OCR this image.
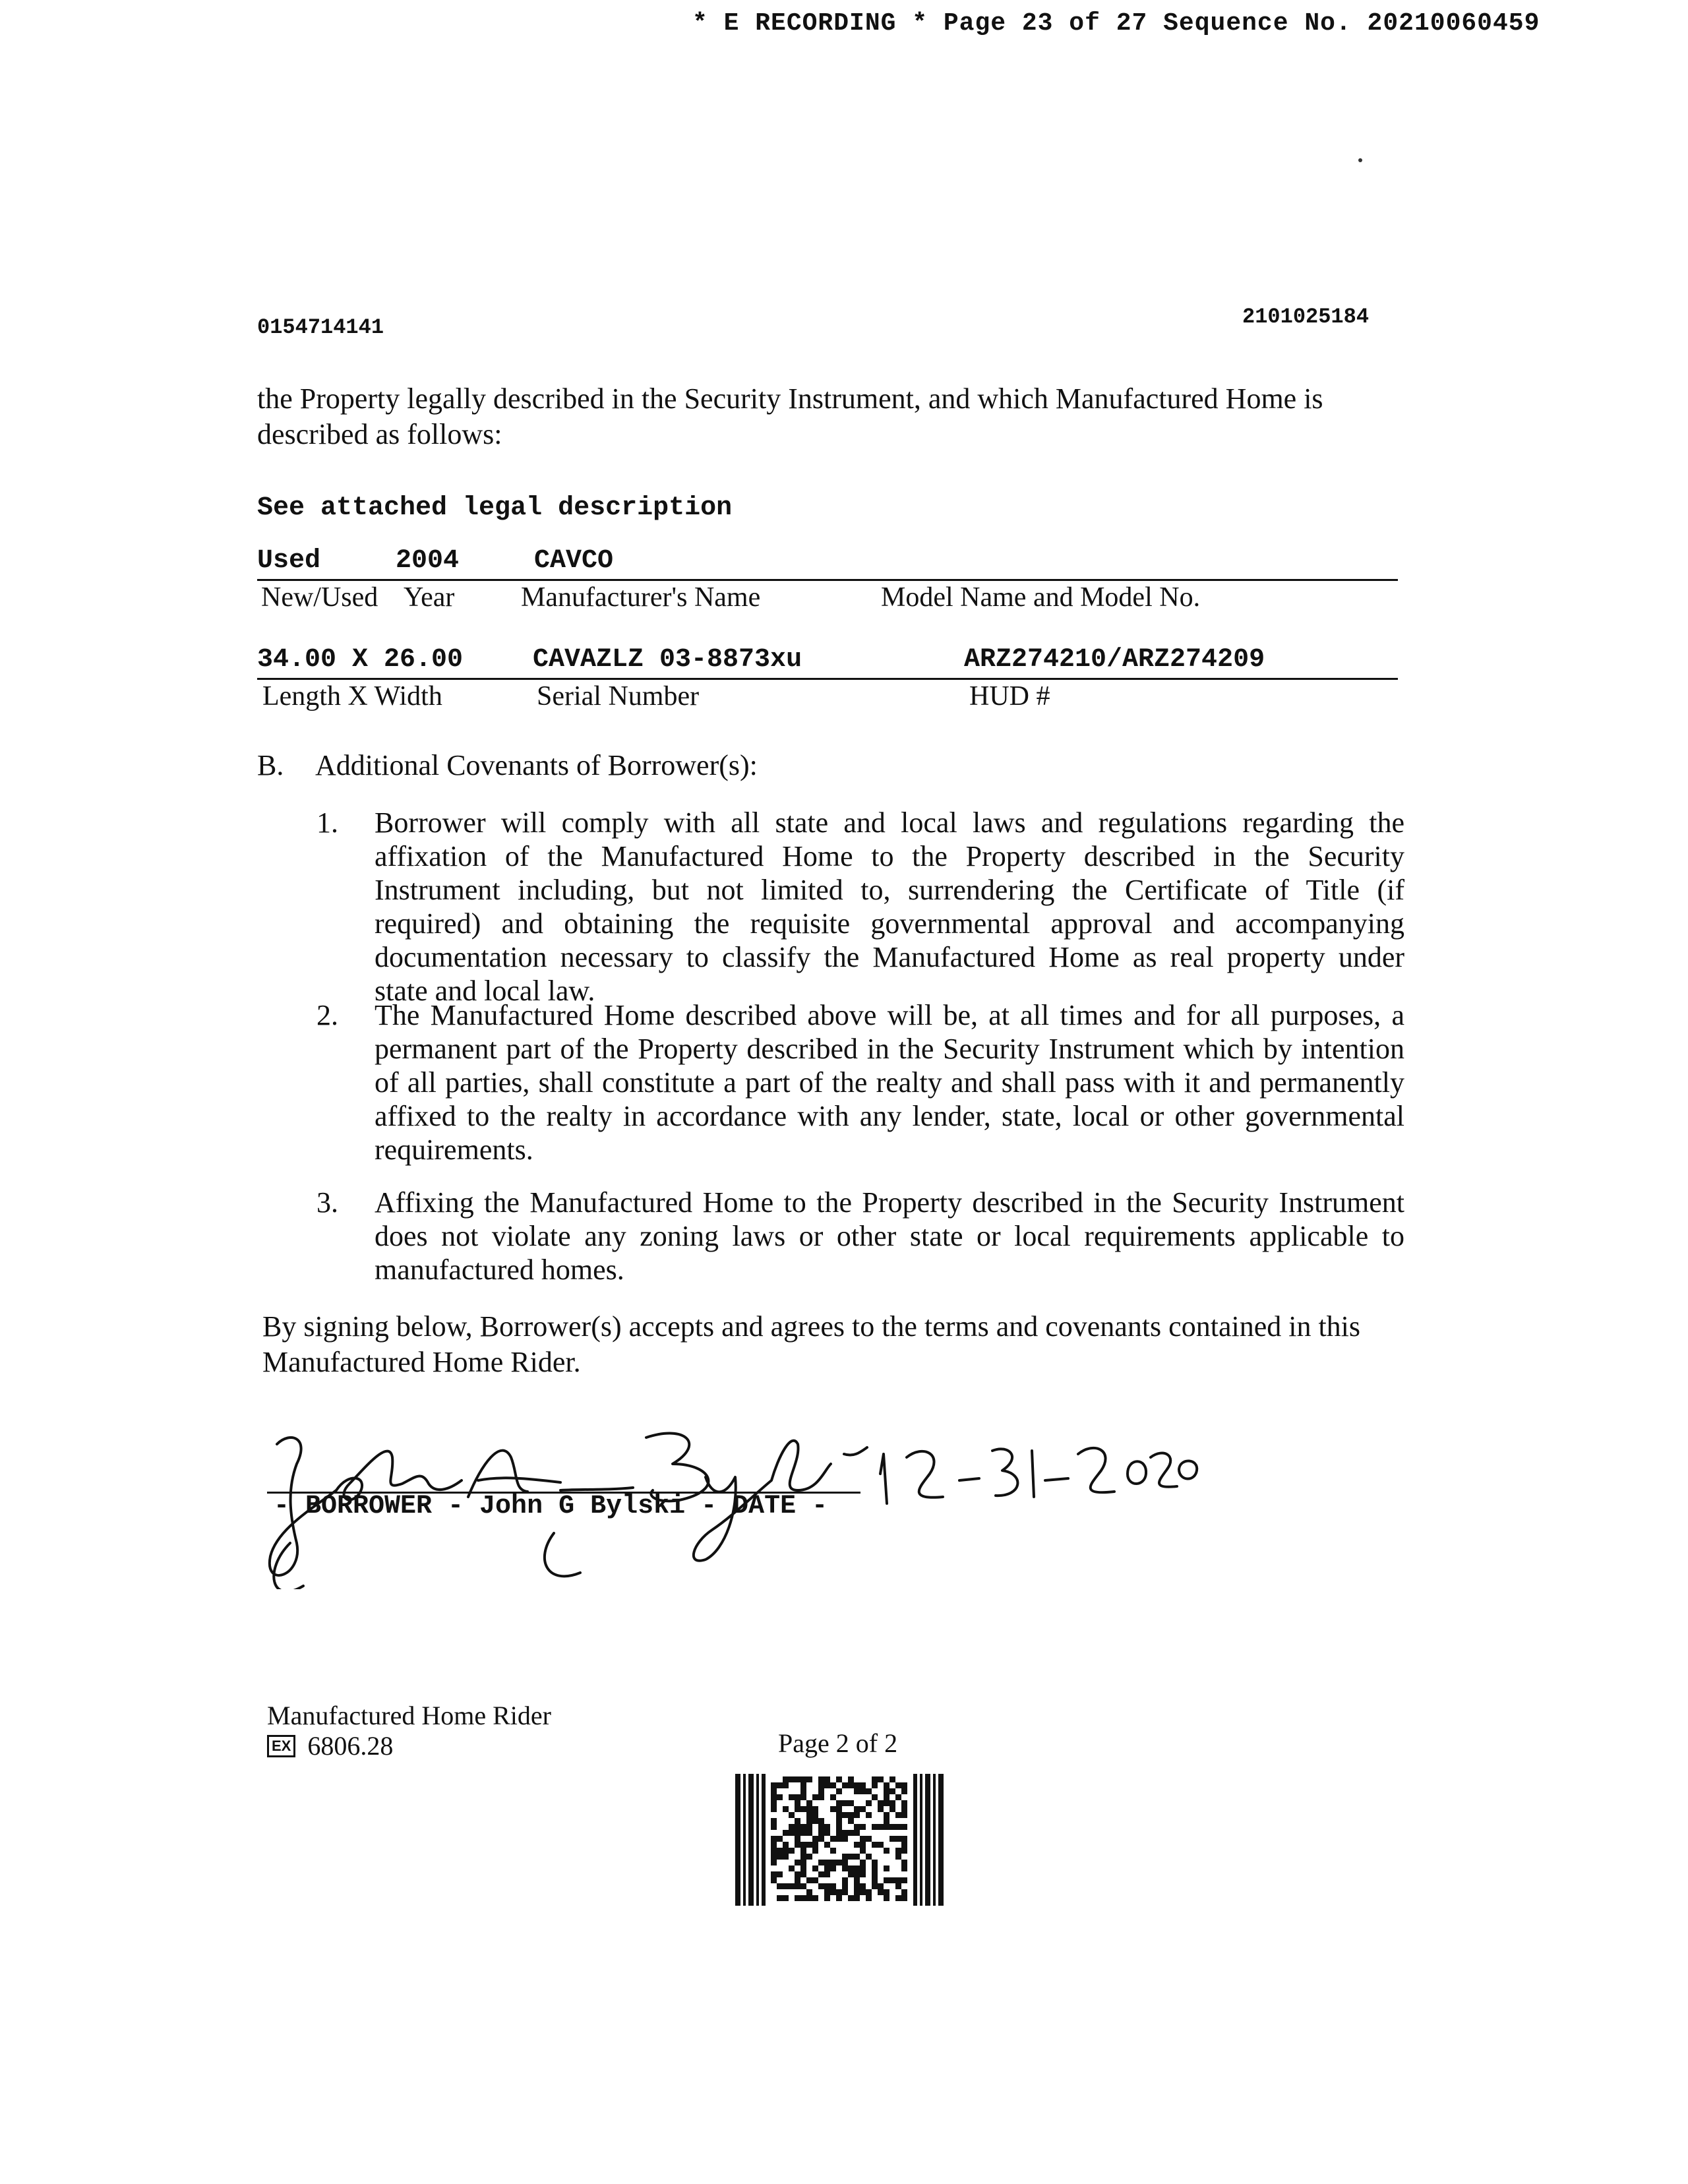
* E RECORDING * Page 23 of 27 Sequence No. 20210060459
0154714141	2101025184
the Property legally described in the Security Instrument, and which Manufactured Home is described as follows:
See attached legal description
Used	2004	CAVCO
New/Used Year Manufacturer's Name	Model Name and Model No.
34.00 X 26.00	CAVAZLZ 03-8873xu	ARZ274210/ARZ274209
Length X Width	Serial Number	HUD #
B. Additional Covenants of Borrower(s):
1. Borrower will comply with all state and local laws and regulations regarding the affixation of the Manufactured Home to the Property described in the Security Instrument including, but not limited to, surrendering the Certificate of Title (if required) and obtaining the requisite governmental approval and accompanying documentation necessary to classify the Manufactured Home as real property under state and local law.
2. The Manufactured Home described above will be, at all times and for all purposes, a permanent part of the Property described in the Security Instrument which by intention of all parties, shall constitute a part of the realty and shall pass with it and permanently affixed to the realty in accordance with any lender, state, local or other governmental requirements.
3. Affixing the Manufactured Home to the Property described in the Security Instrument does not violate any zoning laws or other state or local requirements applicable to manufactured homes.
By signing below, Borrower(s) accepts and agrees to the terms and covenants contained in this Manufactured Home Rider.
- BORROWER - John G Bylski - DATE -
Manufactured Home Rider
EX 6806.28	Page 2 of 2
